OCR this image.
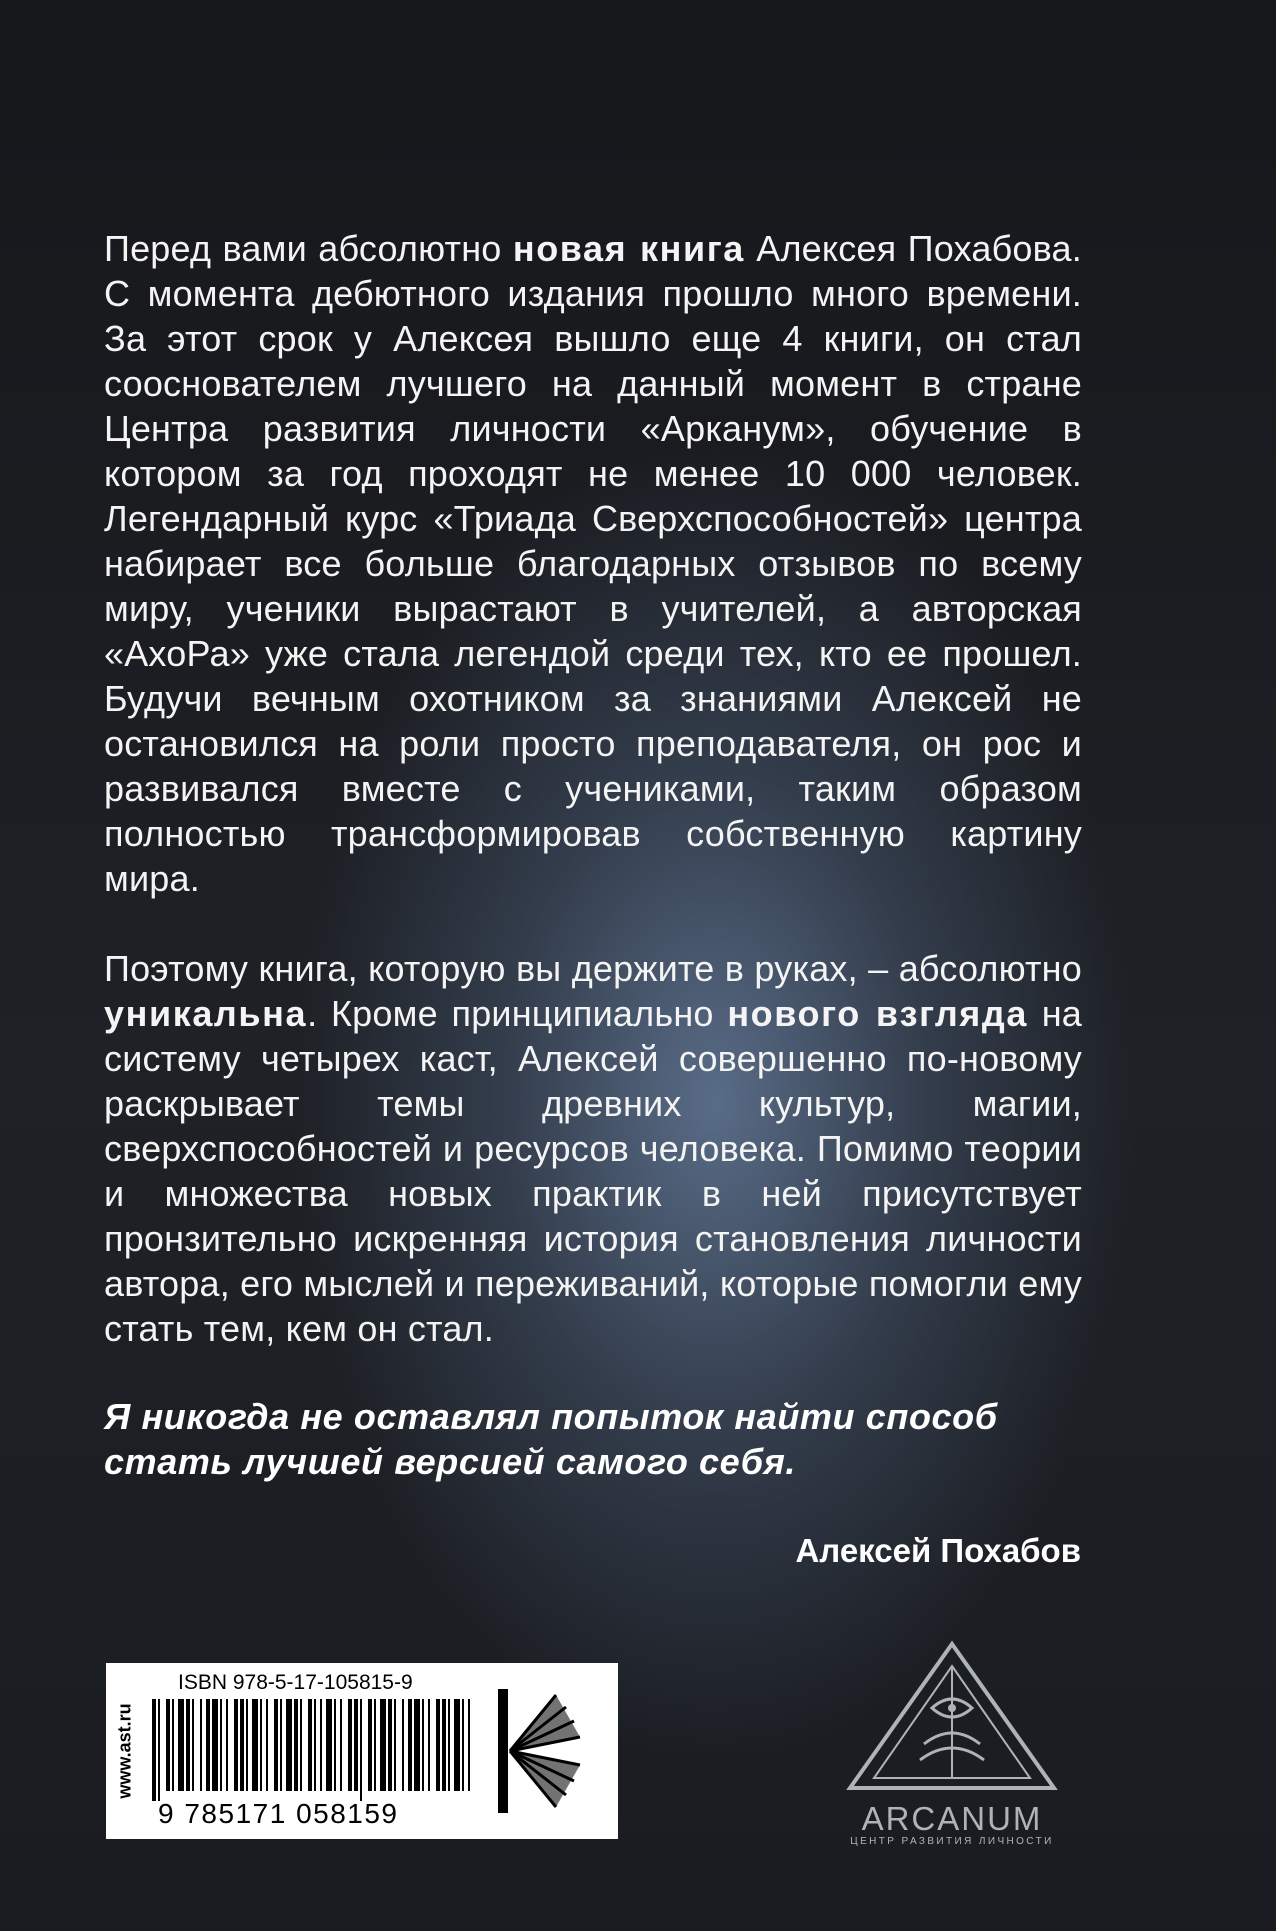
Перед вами абсолютно новая книга Алексея Похабова. С момента дебютного издания прошло много времени. За этот срок у Алексея вышло еще 4 книги, он стал сооснователем лучшего на данный момент в стране Центра развития личности «Арканум», обучение в котором за год проходят не менее 10 000 человек. Легендарный курс «Триада Сверхспособностей» центра набирает все больше благодарных отзывов по всему миру, ученики вырастают в учителей, а авторская «АхоРа» уже стала легендой среди тех, кто ее прошел. Будучи вечным охотником за знаниями Алексей не остановился на роли просто преподавателя, он рос и развивался вместе с учениками, таким образом полностью трансформировав собственную картину мира.

Поэтому книга, которую вы держите в руках, – абсолютно уникальна. Кроме принципиально нового взгляда на систему четырех каст, Алексей совершенно по-новому раскрывает темы древних культур, магии, сверхспособностей и ресурсов человека. Помимо теории и множества новых практик в ней присутствует пронзительно искренняя история становления личности автора, его мыслей и переживаний, которые помогли ему стать тем, кем он стал.

Я никогда не оставлял попыток найти способ
стать лучшей версией самого себя.
Алексей Похабов
www.ast.ru
ISBN 978-5-17-105815-9
9 785171 058159	ARCANUM
ЦЕНТР РАЗВИТИЯ ЛИЧНОСТИ
